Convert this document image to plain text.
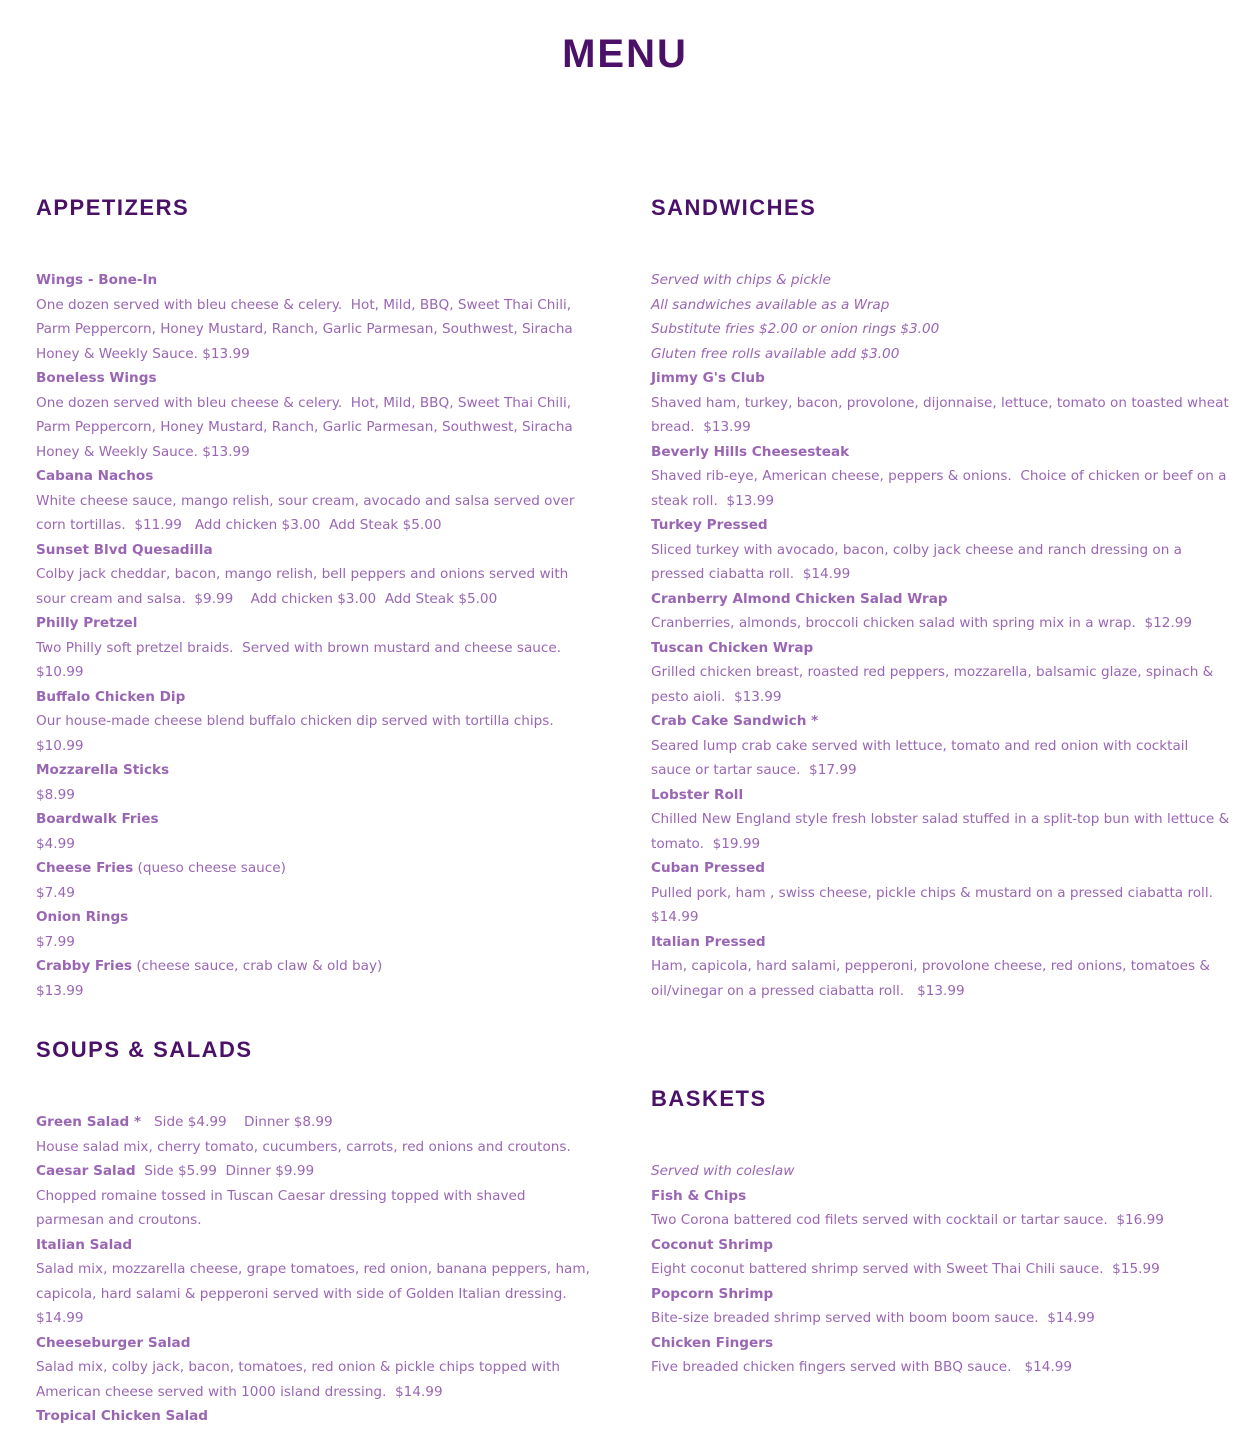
MENU
APPETIZERS

Wings - Bone-In

One dozen served with bleu cheese & celery.  Hot, Mild, BBQ, Sweet Thai Chili,  Parm Peppercorn, Honey Mustard, Ranch, Garlic Parmesan, Southwest, Siracha Honey & Weekly Sauce. $13.99

Boneless Wings

One dozen served with bleu cheese & celery.  Hot, Mild, BBQ, Sweet Thai Chili,  Parm Peppercorn, Honey Mustard, Ranch, Garlic Parmesan, Southwest, Siracha Honey & Weekly Sauce. $13.99

Cabana Nachos

White cheese sauce, mango relish, sour cream, avocado and salsa served over corn tortillas.  $11.99   Add chicken $3.00  Add Steak $5.00

Sunset Blvd Quesadilla

Colby jack cheddar, bacon, mango relish, bell peppers and onions served with  sour cream and salsa.  $9.99    Add chicken $3.00  Add Steak $5.00

Philly Pretzel

Two Philly soft pretzel braids.  Served with brown mustard and cheese sauce. $10.99

Buffalo Chicken Dip

Our house-made cheese blend buffalo chicken dip served with tortilla chips.  $10.99

Mozzarella Sticks

$8.99

Boardwalk Fries

$4.99

Cheese Fries (queso cheese sauce)

$7.49

Onion Rings

$7.99

Crabby Fries (cheese sauce, crab claw & old bay)

$13.99

SANDWICHES

Served with chips & pickle

All sandwiches available as a Wrap

Substitute fries $2.00 or onion rings $3.00

Gluten free rolls available add $3.00

Jimmy G's Club

Shaved ham, turkey, bacon, provolone, dijonnaise, lettuce, tomato on toasted wheat bread.  $13.99

Beverly Hills Cheesesteak

Shaved rib-eye, American cheese, peppers & onions.  Choice of chicken or beef on a steak roll.  $13.99

Turkey Pressed

Sliced turkey with avocado, bacon, colby jack cheese and ranch dressing on a pressed ciabatta roll.  $14.99

Cranberry Almond Chicken Salad Wrap

Cranberries, almonds, broccoli chicken salad with spring mix in a wrap.  $12.99

Tuscan Chicken Wrap

Grilled chicken breast, roasted red peppers, mozzarella, balsamic glaze, spinach & pesto aioli.  $13.99

Crab Cake Sandwich *

Seared lump crab cake served with lettuce, tomato and red onion with cocktail sauce or tartar sauce.  $17.99

Lobster Roll

Chilled New England style fresh lobster salad stuffed in a split-top bun with lettuce & tomato.  $19.99

Cuban Pressed

Pulled pork, ham , swiss cheese, pickle chips & mustard on a pressed ciabatta roll.  $14.99

Italian Pressed

Ham, capicola, hard salami, pepperoni, provolone cheese, red onions, tomatoes & oil/vinegar on a pressed ciabatta roll.   $13.99

SOUPS & SALADS

Green Salad *   Side $4.99    Dinner $8.99

House salad mix, cherry tomato, cucumbers, carrots, red onions and croutons.

Caesar Salad  Side $5.99  Dinner $9.99

Chopped romaine tossed in Tuscan Caesar dressing topped with shaved parmesan and croutons.

Italian Salad

Salad mix, mozzarella cheese, grape tomatoes, red onion, banana peppers, ham, capicola, hard salami & pepperoni served with side of Golden Italian dressing.  $14.99

Cheeseburger Salad

Salad mix, colby jack, bacon, tomatoes, red onion & pickle chips topped with American cheese served with 1000 island dressing.  $14.99

Tropical Chicken Salad

BASKETS

Served with coleslaw

Fish & Chips

Two Corona battered cod filets served with cocktail or tartar sauce.  $16.99

Coconut Shrimp

Eight coconut battered shrimp served with Sweet Thai Chili sauce.  $15.99

Popcorn Shrimp

Bite-size breaded shrimp served with boom boom sauce.  $14.99

Chicken Fingers

Five breaded chicken fingers served with BBQ sauce.   $14.99
